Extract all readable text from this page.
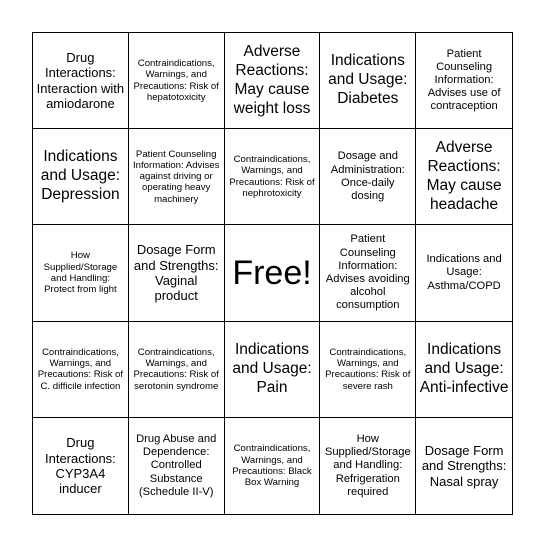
Drug Interactions: Interaction with amiodarone
Contraindications, Warnings, and Precautions: Risk of hepatotoxicity
Adverse Reactions: May cause weight loss
Indications and Usage: Diabetes
Patient Counseling Information: Advises use of contraception
Indications and Usage: Depression
Patient Counseling Information: Advises against driving or operating heavy machinery
Contraindications, Warnings, and Precautions: Risk of nephrotoxicity
Dosage and Administration: Once-daily dosing
Adverse Reactions: May cause headache
How Supplied/Storage and Handling: Protect from light
Dosage Form and Strengths: Vaginal product
Free!
Patient Counseling Information: Advises avoiding alcohol consumption
Indications and Usage: Asthma/COPD
Contraindications, Warnings, and Precautions: Risk of C. difficile infection
Contraindications, Warnings, and Precautions: Risk of serotonin syndrome
Indications and Usage: Pain
Contraindications, Warnings, and Precautions: Risk of severe rash
Indications and Usage: Anti-infective
Drug Interactions: CYP3A4 inducer
Drug Abuse and Dependence: Controlled Substance (Schedule II-V)
Contraindications, Warnings, and Precautions: Black Box Warning
How Supplied/Storage and Handling: Refrigeration required
Dosage Form and Strengths: Nasal spray
